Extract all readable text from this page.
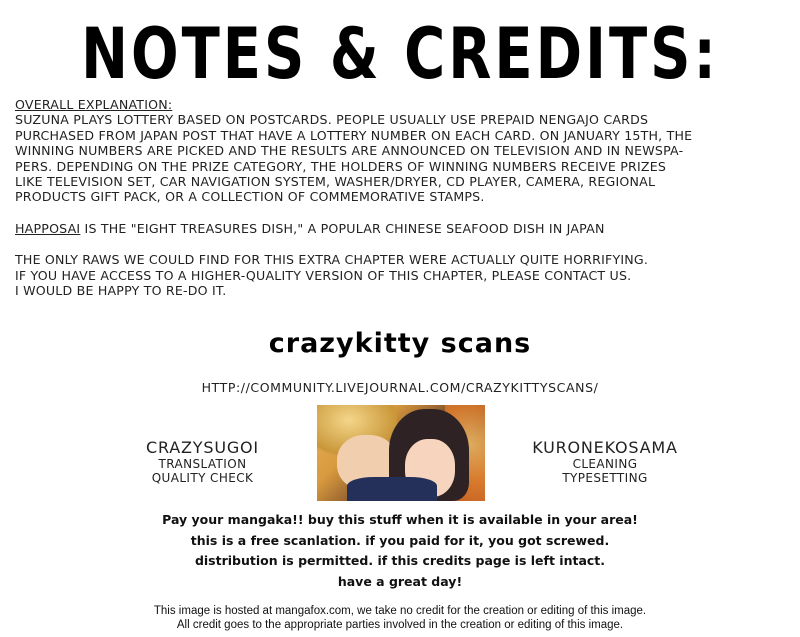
NOTES & CREDITS:

OVERALL EXPLANATION:

SUZUNA PLAYS LOTTERY BASED ON POSTCARDS. PEOPLE USUALLY USE PREPAID NENGAJO CARDS

PURCHASED FROM JAPAN POST THAT HAVE A LOTTERY NUMBER ON EACH CARD. ON JANUARY 15TH, THE

WINNING NUMBERS ARE PICKED AND THE RESULTS ARE ANNOUNCED ON TELEVISION AND IN NEWSPA-

PERS. DEPENDING ON THE PRIZE CATEGORY, THE HOLDERS OF WINNING NUMBERS RECEIVE PRIZES

LIKE TELEVISION SET, CAR NAVIGATION SYSTEM, WASHER/DRYER, CD PLAYER, CAMERA, REGIONAL

PRODUCTS GIFT PACK, OR A COLLECTION OF COMMEMORATIVE STAMPS.

HAPPOSAI IS THE "EIGHT TREASURES DISH," A POPULAR CHINESE SEAFOOD DISH IN JAPAN

THE ONLY RAWS WE COULD FIND FOR THIS EXTRA CHAPTER WERE ACTUALLY QUITE HORRIFYING.

IF YOU HAVE ACCESS TO A HIGHER-QUALITY VERSION OF THIS CHAPTER, PLEASE CONTACT US.

I WOULD BE HAPPY TO RE-DO IT.

crazykitty scans
HTTP://COMMUNITY.LIVEJOURNAL.COM/CRAZYKITTYSCANS/
CRAZYSUGOI
TRANSLATION
QUALITY CHECK
KURONEKOSAMA
CLEANING
TYPESETTING

Pay your mangaka!! buy this stuff when it is available in your area!

this is a free scanlation. if you paid for it, you got screwed.

distribution is permitted. if this credits page is left intact.

have a great day!

This image is hosted at mangafox.com, we take no credit for the creation or editing of this image.

All credit goes to the appropriate parties involved in the creation or editing of this image.
